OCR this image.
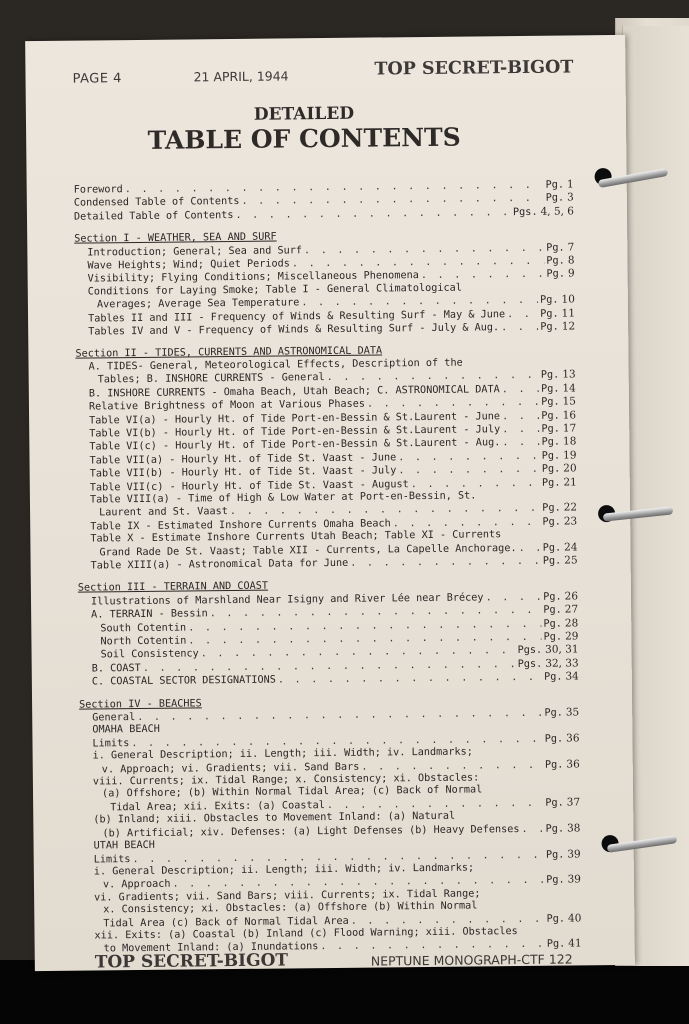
PAGE 4	21 APRIL, 1944	TOP SECRET-BIGOT
DETAILED
TABLE OF CONTENTS
Foreword . . .	Pg. 1
Condensed Table of Contents . . .	Pg. 3
Detailed Table of Contents . . .	Pgs. 4, 5, 6
Section I - WEATHER, SEA AND SURF
Introduction; General; Sea and Surf . . .	Pg. 7
Wave Heights; Wind; Quiet Periods . . .	Pg. 8
Visibility; Flying Conditions; Miscellaneous Phenomena . . .	Pg. 9
Conditions for Laying Smoke; Table I - General Climatological
Averages; Average Sea Temperature . . .	Pg. 10
Tables II and III - Frequency of Winds & Resulting Surf - May & June . . .	Pg. 11
Tables IV and V - Frequency of Winds & Resulting Surf - July & Aug. . . .	Pg. 12
Section II - TIDES, CURRENTS AND ASTRONOMICAL DATA
A. TIDES- General, Meteorological Effects, Description of the
Tables; B. INSHORE CURRENTS - General . . .	Pg. 13
B. INSHORE CURRENTS - Omaha Beach, Utah Beach; C. ASTRONOMICAL DATA . . .	Pg. 14
Relative Brightness of Moon at Various Phases . . .	Pg. 15
Table VI(a) - Hourly Ht. of Tide Port-en-Bessin & St.Laurent - June . . .	Pg. 16
Table VI(b) - Hourly Ht. of Tide Port-en-Bessin & St.Laurent - July . . .	Pg. 17
Table VI(c) - Hourly Ht. of Tide Port-en-Bessin & St.Laurent - Aug. . . .	Pg. 18
Table VII(a) - Hourly Ht. of Tide St. Vaast - June . . .	Pg. 19
Table VII(b) - Hourly Ht. of Tide St. Vaast - July . . .	Pg. 20
Table VII(c) - Hourly Ht. of Tide St. Vaast - August . . .	Pg. 21
Table VIII(a) - Time of High & Low Water at Port-en-Bessin, St.
Laurent and St. Vaast . . .	Pg. 22
Table IX - Estimated Inshore Currents Omaha Beach . . .	Pg. 23
Table X - Estimate Inshore Currents Utah Beach; Table XI - Currents
Grand Rade De St. Vaast; Table XII - Currents, La Capelle Anchorage. . . .	Pg. 24
Table XIII(a) - Astronomical Data for June . . .	Pg. 25
Section III - TERRAIN AND COAST
Illustrations of Marshland Near Isigny and River Lée near Brécey . . .	Pg. 26
A. TERRAIN - Bessin . . .	Pg. 27
South Cotentin . . .	Pg. 28
North Cotentin . . .	Pg. 29
Soil Consistency . . .	Pgs. 30, 31
B. COAST . . .	Pgs. 32, 33
C. COASTAL SECTOR DESIGNATIONS . . .	Pg. 34
Section IV - BEACHES
General . . .	Pg. 35
OMAHA BEACH
Limits . . .	Pg. 36
i. General Description; ii. Length; iii. Width; iv. Landmarks;
v. Approach; vi. Gradients; vii. Sand Bars . . .	Pg. 36
viii. Currents; ix. Tidal Range; x. Consistency; xi. Obstacles:
(a) Offshore; (b) Within Normal Tidal Area; (c) Back of Normal
Tidal Area; xii. Exits: (a) Coastal . . .	Pg. 37
(b) Inland; xiii. Obstacles to Movement Inland: (a) Natural
(b) Artificial; xiv. Defenses: (a) Light Defenses (b) Heavy Defenses . . .	Pg. 38
UTAH BEACH
Limits . . .	Pg. 39
i. General Description; ii. Length; iii. Width; iv. Landmarks;
v. Approach . . .	Pg. 39
vi. Gradients; vii. Sand Bars; viii. Currents; ix. Tidal Range;
x. Consistency; xi. Obstacles: (a) Offshore (b) Within Normal
Tidal Area (c) Back of Normal Tidal Area . . .	Pg. 40
xii. Exits: (a) Coastal (b) Inland (c) Flood Warning; xiii. Obstacles
to Movement Inland: (a) Inundations . . .	Pg. 41
TOP SECRET-BIGOT	NEPTUNE MONOGRAPH-CTF 122
